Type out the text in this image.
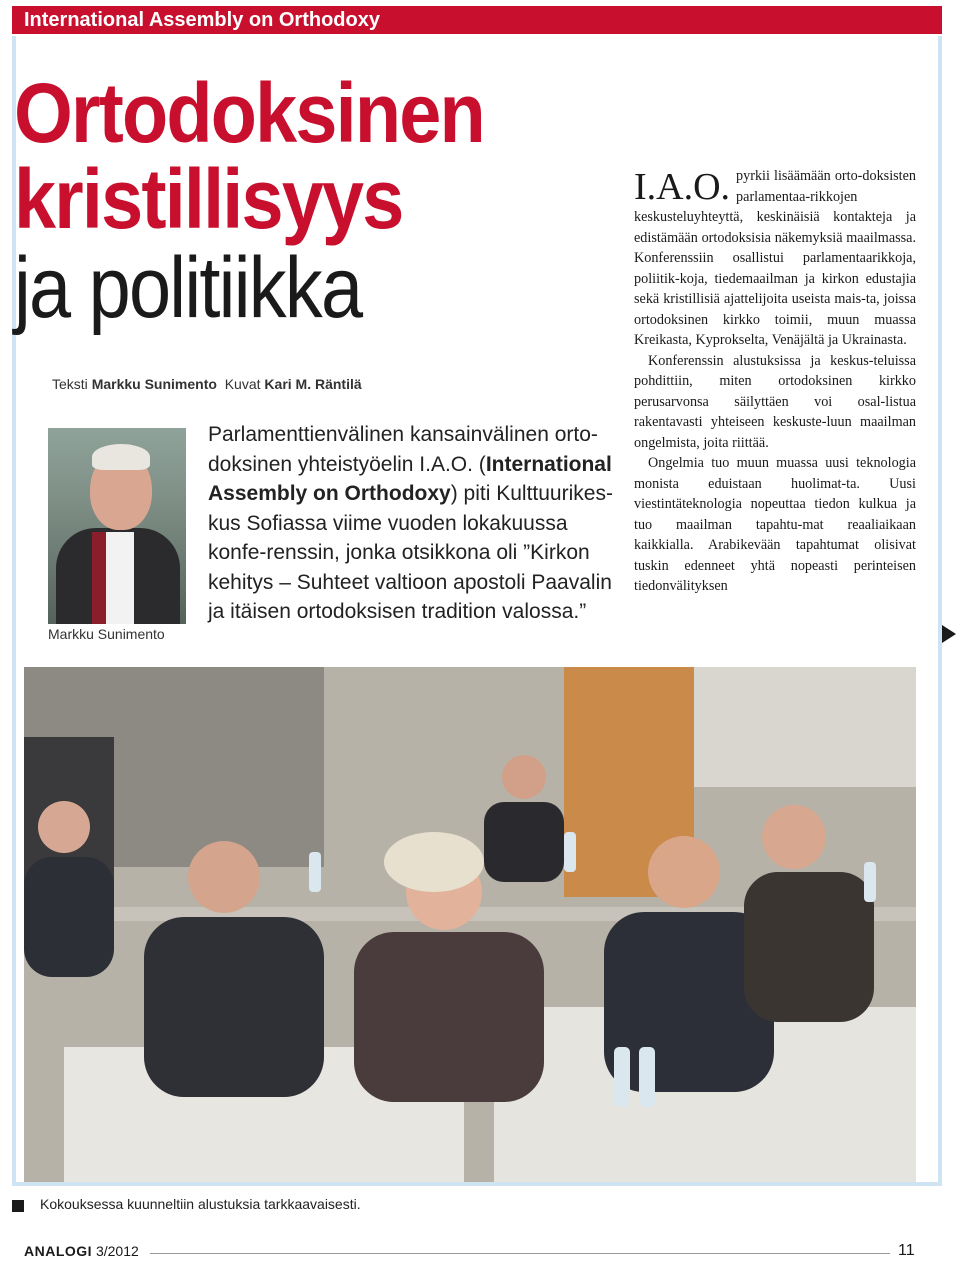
International Assembly on Orthodoxy
Ortodoksinen
kristillisyys
ja politiikka
Teksti Markku Sunimento Kuvat Kari M. Räntilä
Markku Sunimento

Parlamenttienvälinen kansainvälinen orto-doksinen yhteistyöelin I.A.O. (International Assembly on Orthodoxy) piti Kulttuurikes-kus Sofiassa viime vuoden lokakuussa konfe-renssin, jonka otsikkona oli ”Kirkon kehitys – Suhteet valtioon apostoli Paavalin ja itäisen ortodoksisen tradition valossa.”

I.A.O. pyrkii lisäämään orto-doksisten parlamentaa-rikkojen keskusteluyhteyttä, keskinäisiä kontakteja ja edistämään ortodoksisia näkemyksiä maailmassa. Konferenssiin osallistui parlamentaarikkoja, poliitik-koja, tiedemaailman ja kirkon edustajia sekä kristillisiä ajattelijoita useista mais-ta, joissa ortodoksinen kirkko toimii, muun muassa Kreikasta, Kyprokselta, Venäjältä ja Ukrainasta.

Konferenssin alustuksissa ja keskus-teluissa pohdittiin, miten ortodoksinen kirkko perusarvonsa säilyttäen voi osal-listua rakentavasti yhteiseen keskuste-luun maailman ongelmista, joita riittää.

Ongelmia tuo muun muassa uusi teknologia monista eduistaan huolimat-ta. Uusi viestintäteknologia nopeuttaa tiedon kulkua ja tuo maailman tapahtu-mat reaaliaikaan kaikkialla. Arabikevään tapahtumat olisivat tuskin edenneet yhtä nopeasti perinteisen tiedonvälityksen

Kokouksessa kuunneltiin alustuksia tarkkaavaisesti.
ANALOGI 3/2012	11
